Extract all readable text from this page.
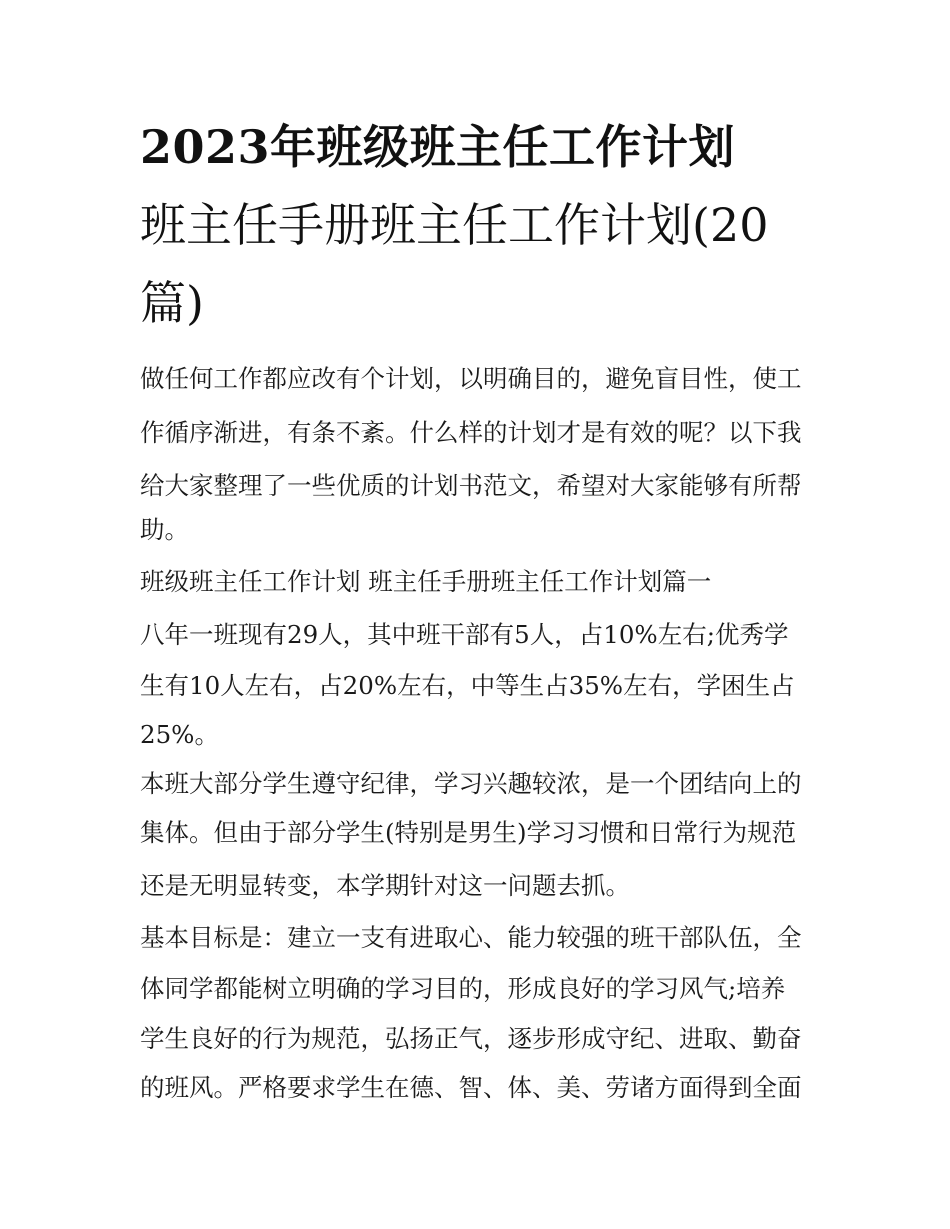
2023年班级班主任工作计划
班主任手册班主任工作计划(20
篇)

做任何工作都应改有个计划，以明确目的，避免盲目性，使工

作循序渐进，有条不紊。什么样的计划才是有效的呢？以下我

给大家整理了一些优质的计划书范文，希望对大家能够有所帮

助。

班级班主任工作计划 班主任手册班主任工作计划篇一

八年一班现有29人，其中班干部有5人，占10%左右;优秀学

生有10人左右，占20%左右，中等生占35%左右，学困生占

25%。

本班大部分学生遵守纪律，学习兴趣较浓，是一个团结向上的

集体。但由于部分学生(特别是男生)学习习惯和日常行为规范

还是无明显转变，本学期针对这一问题去抓。

基本目标是：建立一支有进取心、能力较强的班干部队伍，全

体同学都能树立明确的学习目的，形成良好的学习风气;培养

学生良好的行为规范，弘扬正气，逐步形成守纪、进取、勤奋

的班风。严格要求学生在德、智、体、美、劳诸方面得到全面
